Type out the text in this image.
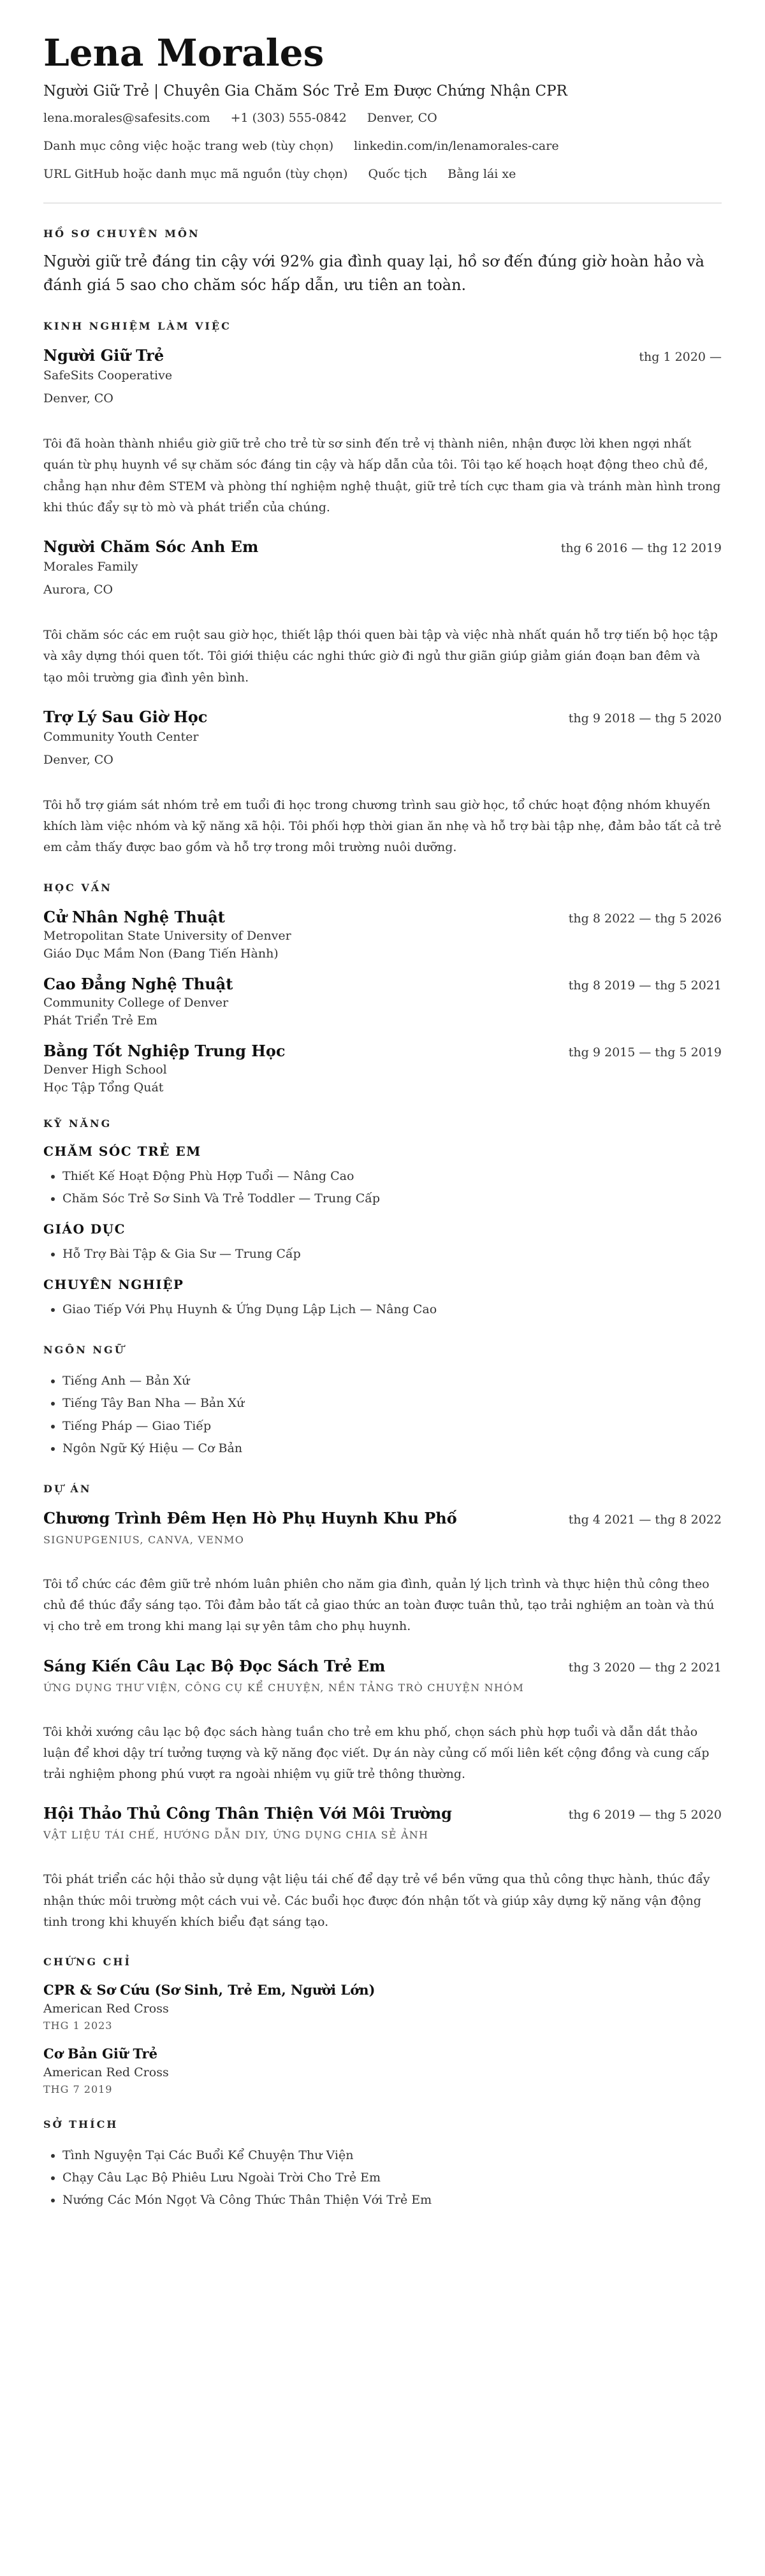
Lena Morales
Người Giữ Trẻ | Chuyên Gia Chăm Sóc Trẻ Em Được Chứng Nhận CPR
lena.morales@safesits.com +1 (303) 555-0842 Denver, CO
Danh mục công việc hoặc trang web (tùy chọn) linkedin.com/in/lenamorales-care
URL GitHub hoặc danh mục mã nguồn (tùy chọn) Quốc tịch Bằng lái xe
HỒ SƠ CHUYÊN MÔN
Người giữ trẻ đáng tin cậy với 92% gia đình quay lại, hồ sơ đến đúng giờ hoàn hảo và đánh giá 5 sao cho chăm sóc hấp dẫn, ưu tiên an toàn.
KINH NGHIỆM LÀM VIỆC
Người Giữ Trẻ	thg 1 2020 —
SafeSits Cooperative
Denver, CO
Tôi đã hoàn thành nhiều giờ giữ trẻ cho trẻ từ sơ sinh đến trẻ vị thành niên, nhận được lời khen ngợi nhất quán từ phụ huynh về sự chăm sóc đáng tin cậy và hấp dẫn của tôi. Tôi tạo kế hoạch hoạt động theo chủ đề, chẳng hạn như đêm STEM và phòng thí nghiệm nghệ thuật, giữ trẻ tích cực tham gia và tránh màn hình trong khi thúc đẩy sự tò mò và phát triển của chúng.
Người Chăm Sóc Anh Em	thg 6 2016 — thg 12 2019
Morales Family
Aurora, CO
Tôi chăm sóc các em ruột sau giờ học, thiết lập thói quen bài tập và việc nhà nhất quán hỗ trợ tiến bộ học tập và xây dựng thói quen tốt. Tôi giới thiệu các nghi thức giờ đi ngủ thư giãn giúp giảm gián đoạn ban đêm và tạo môi trường gia đình yên bình.
Trợ Lý Sau Giờ Học	thg 9 2018 — thg 5 2020
Community Youth Center
Denver, CO
Tôi hỗ trợ giám sát nhóm trẻ em tuổi đi học trong chương trình sau giờ học, tổ chức hoạt động nhóm khuyến khích làm việc nhóm và kỹ năng xã hội. Tôi phối hợp thời gian ăn nhẹ và hỗ trợ bài tập nhẹ, đảm bảo tất cả trẻ em cảm thấy được bao gồm và hỗ trợ trong môi trường nuôi dưỡng.
HỌC VẤN
Cử Nhân Nghệ Thuật	thg 8 2022 — thg 5 2026
Metropolitan State University of Denver
Giáo Dục Mầm Non (Đang Tiến Hành)
Cao Đẳng Nghệ Thuật	thg 8 2019 — thg 5 2021
Community College of Denver
Phát Triển Trẻ Em
Bằng Tốt Nghiệp Trung Học	thg 9 2015 — thg 5 2019
Denver High School
Học Tập Tổng Quát
KỸ NĂNG
CHĂM SÓC TRẺ EM
• Thiết Kế Hoạt Động Phù Hợp Tuổi — Nâng Cao
• Chăm Sóc Trẻ Sơ Sinh Và Trẻ Toddler — Trung Cấp
GIÁO DỤC
• Hỗ Trợ Bài Tập & Gia Sư — Trung Cấp
CHUYÊN NGHIỆP
• Giao Tiếp Với Phụ Huynh & Ứng Dụng Lập Lịch — Nâng Cao
NGÔN NGỮ
• Tiếng Anh — Bản Xứ
• Tiếng Tây Ban Nha — Bản Xứ
• Tiếng Pháp — Giao Tiếp
• Ngôn Ngữ Ký Hiệu — Cơ Bản
DỰ ÁN
Chương Trình Đêm Hẹn Hò Phụ Huynh Khu Phố	thg 4 2021 — thg 8 2022
SIGNUPGENIUS, CANVA, VENMO
Tôi tổ chức các đêm giữ trẻ nhóm luân phiên cho năm gia đình, quản lý lịch trình và thực hiện thủ công theo chủ đề thúc đẩy sáng tạo. Tôi đảm bảo tất cả giao thức an toàn được tuân thủ, tạo trải nghiệm an toàn và thú vị cho trẻ em trong khi mang lại sự yên tâm cho phụ huynh.
Sáng Kiến Câu Lạc Bộ Đọc Sách Trẻ Em	thg 3 2020 — thg 2 2021
ỨNG DỤNG THƯ VIỆN, CÔNG CỤ KỂ CHUYỆN, NỀN TẢNG TRÒ CHUYỆN NHÓM
Tôi khởi xướng câu lạc bộ đọc sách hàng tuần cho trẻ em khu phố, chọn sách phù hợp tuổi và dẫn dắt thảo luận để khơi dậy trí tưởng tượng và kỹ năng đọc viết. Dự án này củng cố mối liên kết cộng đồng và cung cấp trải nghiệm phong phú vượt ra ngoài nhiệm vụ giữ trẻ thông thường.
Hội Thảo Thủ Công Thân Thiện Với Môi Trường	thg 6 2019 — thg 5 2020
VẬT LIỆU TÁI CHẾ, HƯỚNG DẪN DIY, ỨNG DỤNG CHIA SẺ ẢNH
Tôi phát triển các hội thảo sử dụng vật liệu tái chế để dạy trẻ về bền vững qua thủ công thực hành, thúc đẩy nhận thức môi trường một cách vui vẻ. Các buổi học được đón nhận tốt và giúp xây dựng kỹ năng vận động tinh trong khi khuyến khích biểu đạt sáng tạo.
CHỨNG CHỈ
CPR & Sơ Cứu (Sơ Sinh, Trẻ Em, Người Lớn)
American Red Cross
THG 1 2023
Cơ Bản Giữ Trẻ
American Red Cross
THG 7 2019
SỞ THÍCH
• Tình Nguyện Tại Các Buổi Kể Chuyện Thư Viện
• Chạy Câu Lạc Bộ Phiêu Lưu Ngoài Trời Cho Trẻ Em
• Nướng Các Món Ngọt Và Công Thức Thân Thiện Với Trẻ Em
